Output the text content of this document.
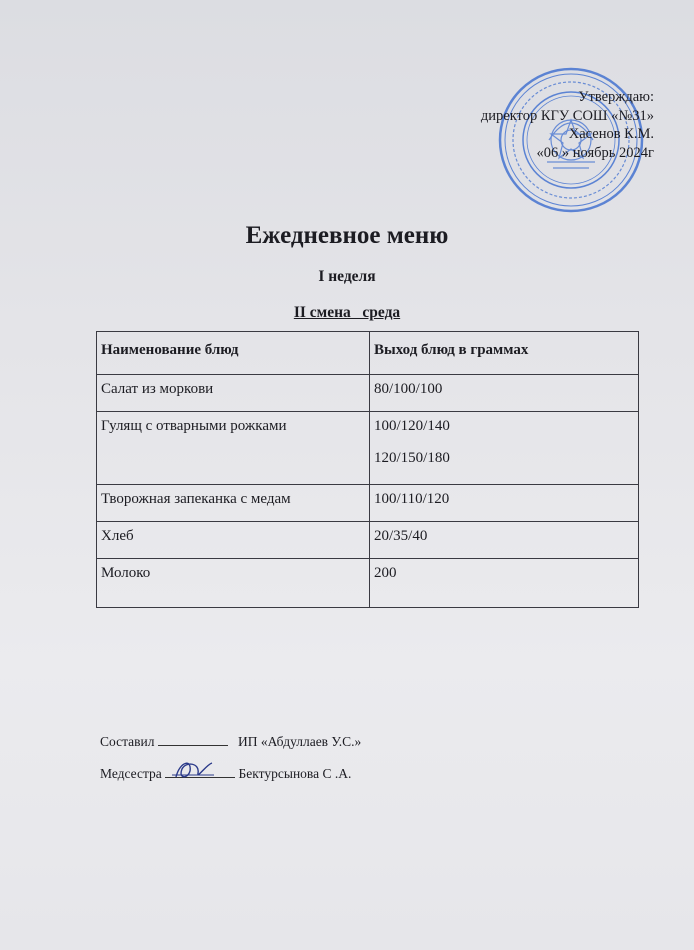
Утверждаю:
директор КГУ СОШ «№31»
Хасенов К.М.
«06 » ноябрь 2024г
Ежедневное меню
I неделя
II смена   среда
Наименование блюд	Выход блюд в граммах
Салат из моркови	80/100/100

Гулящ с отварными рожками	100/120/140
120/150/180

Творожная запеканка с медам	100/110/120

Хлеб	20/35/40

Молоко	200
Составил	ИП «Абдуллаев У.С.»
Медсестра	Бектурсынова С .А.
